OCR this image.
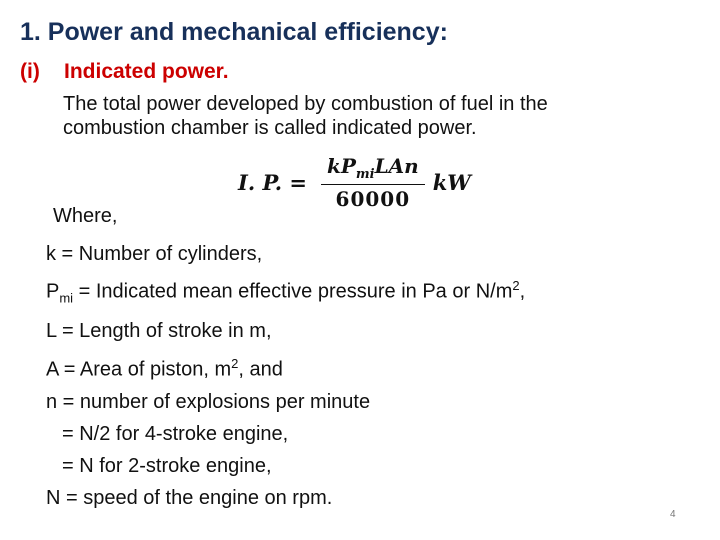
1. Power and mechanical efficiency:
(i) Indicated power.
The total power developed by combustion of fuel in the
combustion chamber is called indicated power.
I. P. = $\frac{kP_{mi}LAn}{60000}$ kW
Where,
k = Number of cylinders,
$P_{mi}$ = Indicated mean effective pressure in Pa or $N/m^2$,
L = Length of stroke in m,
A = Area of piston, $m^2$, and
n = number of explosions per minute
= N/2 for 4-stroke engine,
= N for 2-stroke engine,
N = speed of the engine on rpm.
4
